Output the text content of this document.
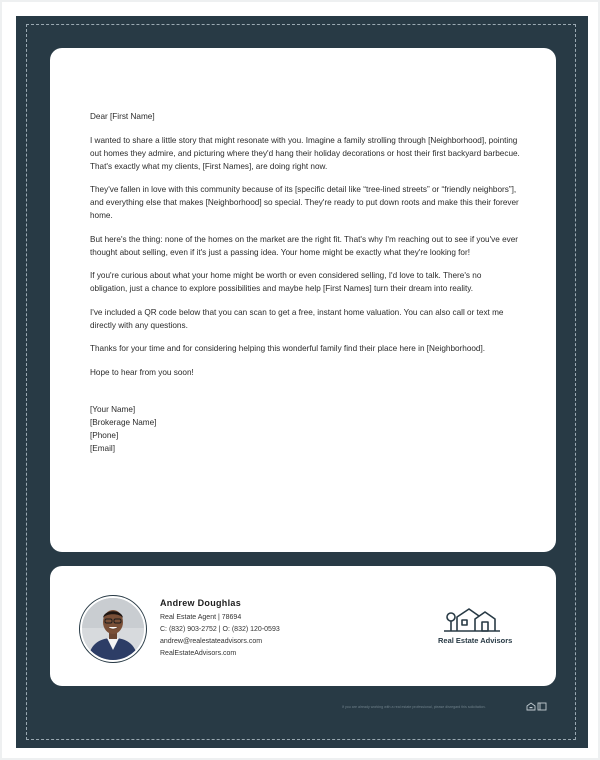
Dear [First Name]

I wanted to share a little story that might resonate with you. Imagine a family strolling through [Neighborhood], pointing out homes they admire, and picturing where they'd hang their holiday decorations or host their first backyard barbecue. That's exactly what my clients, [First Names], are doing right now.

They've fallen in love with this community because of its [specific detail like “tree-lined streets” or “friendly neighbors”], and everything else that makes [Neighborhood] so special. They're ready to put down roots and make this their forever home.

But here's the thing: none of the homes on the market are the right fit. That's why I'm reaching out to see if you've ever thought about selling, even if it's just a passing idea. Your home might be exactly what they're looking for!

If you're curious about what your home might be worth or even considered selling, I'd love to talk. There's no obligation, just a chance to explore possibilities and maybe help [First Names] turn their dream into reality.

I've included a QR code below that you can scan to get a free, instant home valuation. You can also call or text me directly with any questions.

Thanks for your time and for considering helping this wonderful family find their place here in [Neighborhood].

Hope to hear from you soon!

[Your Name]
[Brokerage Name]
[Phone]
[Email]
Andrew Doughlas
Real Estate Agent | 78694
C: (832) 903-2752 | O: (832) 120-0593
andrew@realestateadvisors.com
RealEstateAdvisors.com
Real Estate Advisors
If you are already working with a real estate professional, please disregard this solicitation.
